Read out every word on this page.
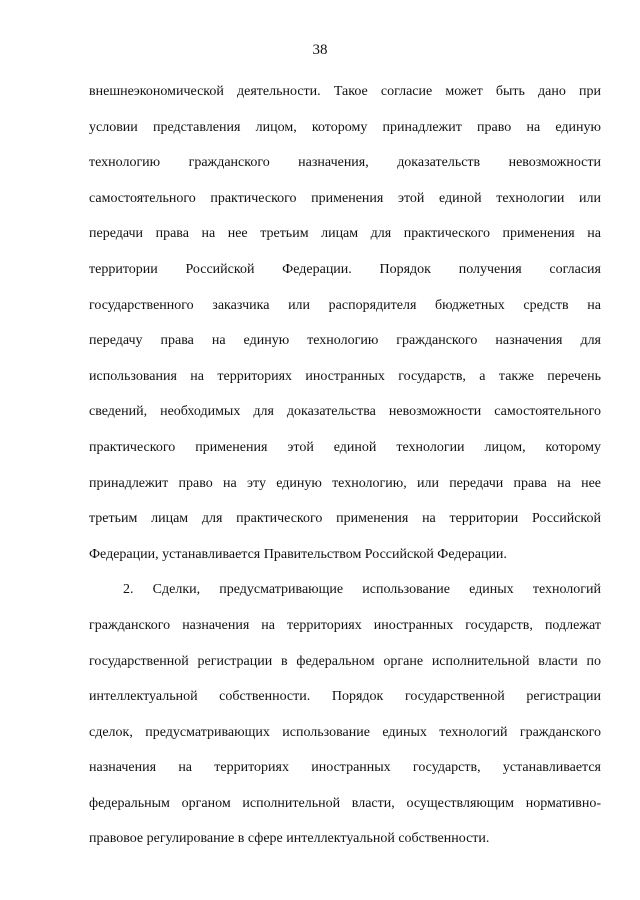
38
внешнеэкономической деятельности. Такое согласие может быть дано при
условии представления лицом, которому принадлежит право на единую
технологию гражданского назначения, доказательств невозможности
самостоятельного практического применения этой единой технологии или
передачи права на нее третьим лицам для практического применения на
территории Российской Федерации. Порядок получения согласия
государственного заказчика или распорядителя бюджетных средств на
передачу права на единую технологию гражданского назначения для
использования на территориях иностранных государств, а также перечень
сведений, необходимых для доказательства невозможности самостоятельного
практического применения этой единой технологии лицом, которому
принадлежит право на эту единую технологию, или передачи права на нее
третьим лицам для практического применения на территории Российской
Федерации, устанавливается Правительством Российской Федерации.
2. Сделки, предусматривающие использование единых технологий
гражданского назначения на территориях иностранных государств, подлежат
государственной регистрации в федеральном органе исполнительной власти по
интеллектуальной собственности. Порядок государственной регистрации
сделок, предусматривающих использование единых технологий гражданского
назначения на территориях иностранных государств, устанавливается
федеральным органом исполнительной власти, осуществляющим нормативно-
правовое регулирование в сфере интеллектуальной собственности.
